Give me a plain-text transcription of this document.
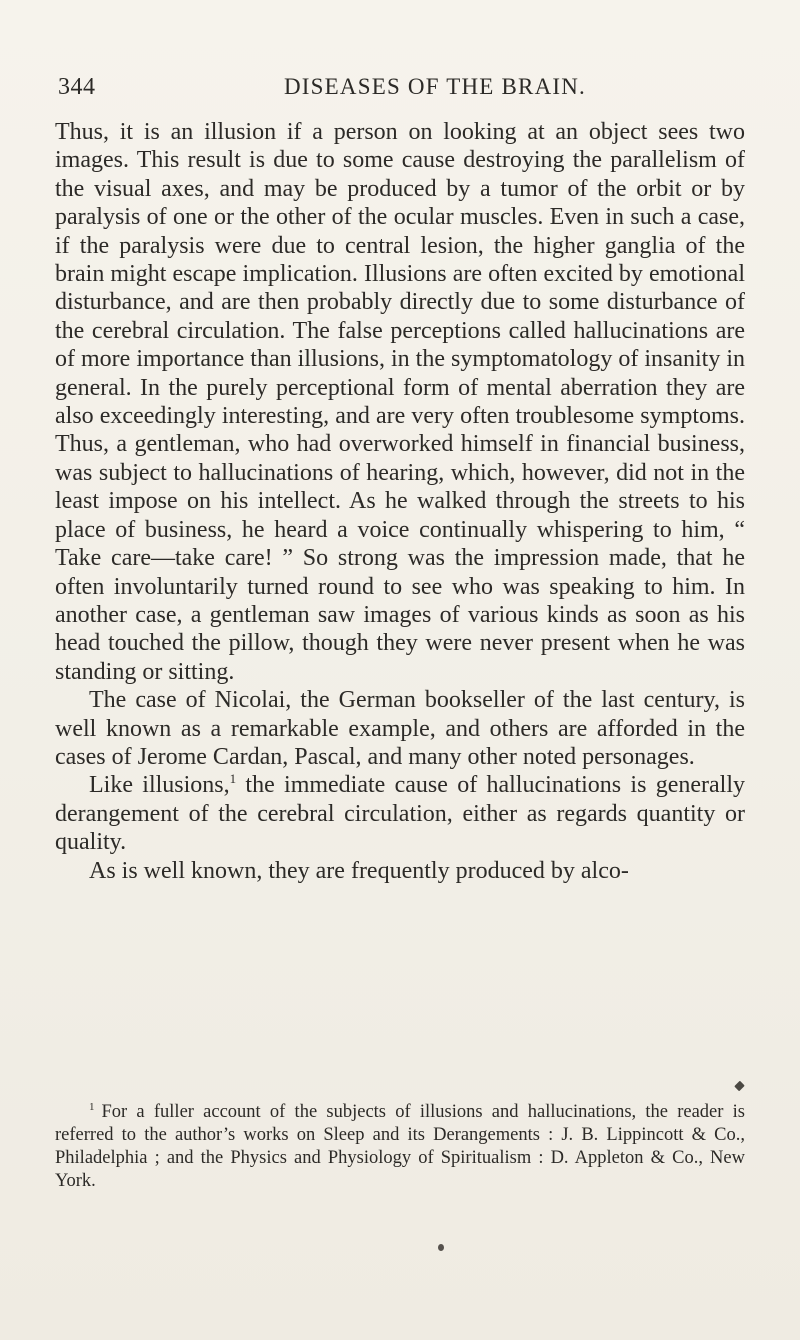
344	DISEASES OF THE BRAIN.

Thus, it is an illusion if a person on looking at an object sees two images. This result is due to some cause destroying the parallelism of the visual axes, and may be produced by a tumor of the orbit or by paralysis of one or the other of the ocular muscles. Even in such a case, if the paralysis were due to central lesion, the higher ganglia of the brain might escape implication. Illusions are often excited by emotional disturbance, and are then probably directly due to some disturbance of the cerebral circulation. The false perceptions called hallucinations are of more importance than illusions, in the symptomatology of insanity in general. In the purely perceptional form of mental aberration they are also exceedingly interesting, and are very often troublesome symptoms. Thus, a gentleman, who had overworked himself in financial business, was subject to hallucinations of hearing, which, however, did not in the least impose on his intellect. As he walked through the streets to his place of business, he heard a voice continually whispering to him, “ Take care—take care! ” So strong was the impression made, that he often involuntarily turned round to see who was speaking to him. In another case, a gentleman saw images of various kinds as soon as his head touched the pillow, though they were never present when he was standing or sitting.

The case of Nicolai, the German bookseller of the last century, is well known as a remarkable example, and others are afforded in the cases of Jerome Cardan, Pascal, and many other noted personages.

Like illusions,$^1$ the immediate cause of hallucinations is generally derangement of the cerebral circulation, either as regards quantity or quality.

As is well known, they are frequently produced by alco-

$^1$ For a fuller account of the subjects of illusions and hallucinations, the reader is referred to the author’s works on Sleep and its Derangements : J. B. Lippincott & Co., Philadelphia ; and the Physics and Physiology of Spiritualism : D. Appleton & Co., New York.
